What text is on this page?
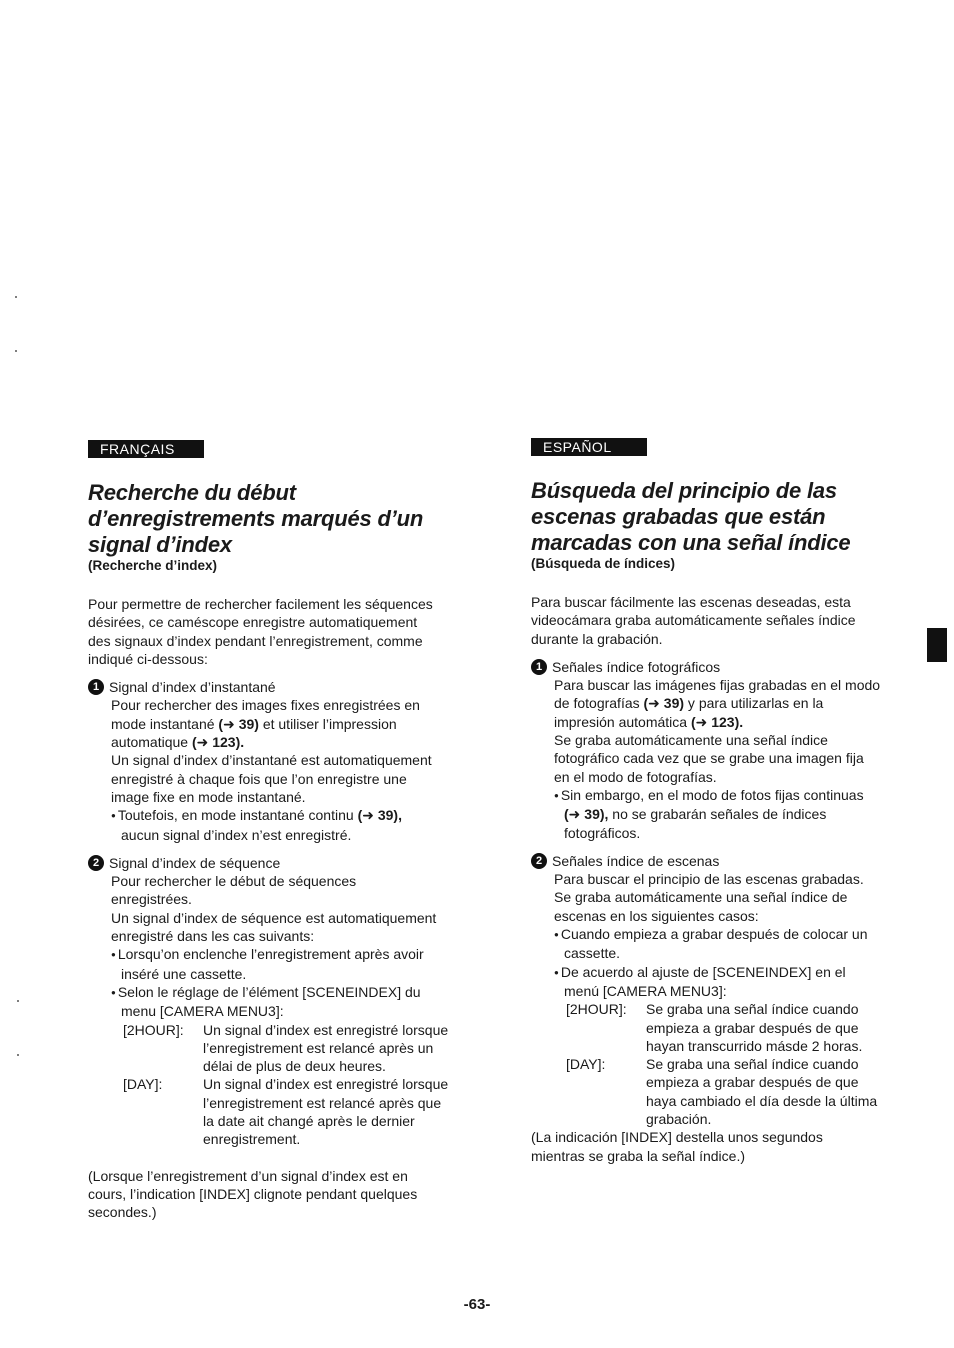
FRANÇAIS
Recherche du début
d’enregistrements marqués d’un
signal d’index

(Recherche d’index)

Pour permettre de rechercher facilement les séquences
désirées, ce caméscope enregistre automatiquement
des signaux d’index pendant l’enregistrement, comme
indiqué ci-dessous:
1 Signal d’index d’instantané
Pour rechercher des images fixes enregistrées en
mode instantané (➜ 39) et utiliser l’impression
automatique (➜ 123).
Un signal d’index d’instantané est automatiquement
enregistré à chaque fois que l’on enregistre une
image fixe en mode instantané.
● Toutefois, en mode instantané continu (➜ 39),
aucun signal d’index n’est enregistré.
2 Signal d’index de séquence
Pour rechercher le début de séquences
enregistrées.
Un signal d’index de séquence est automatiquement
enregistré dans les cas suivants:
● Lorsqu’on enclenche l’enregistrement après avoir
inséré une cassette.
● Selon le réglage de l’élément [SCENEINDEX] du
menu [CAMERA MENU3]:
[2HOUR]:	Un signal d’index est enregistré lorsque
l’enregistrement est relancé après un
délai de plus de deux heures.
[DAY]:	Un signal d’index est enregistré lorsque
l’enregistrement est relancé après que
la date ait changé après le dernier
enregistrement.
(Lorsque l’enregistrement d’un signal d’index est en
cours, l’indication [INDEX] clignote pendant quelques
secondes.)
ESPAÑOL
Búsqueda del principio de las
escenas grabadas que están
marcadas con una señal índice

(Búsqueda de índices)

Para buscar fácilmente las escenas deseadas, esta
videocámara graba automáticamente señales índice
durante la grabación.
1 Señales índice fotográficos
Para buscar las imágenes fijas grabadas en el modo
de fotografías (➜ 39) y para utilizarlas en la
impresión automática (➜ 123).
Se graba automáticamente una señal índice
fotográfico cada vez que se grabe una imagen fija
en el modo de fotografías.
● Sin embargo, en el modo de fotos fijas continuas
(➜ 39), no se grabarán señales de índices
fotográficos.
2 Señales índice de escenas
Para buscar el principio de las escenas grabadas.
Se graba automáticamente una señal índice de
escenas en los siguientes casos:
● Cuando empieza a grabar después de colocar un
cassette.
● De acuerdo al ajuste de [SCENEINDEX] en el
menú [CAMERA MENU3]:
[2HOUR]:	Se graba una señal índice cuando
empieza a grabar después de que
hayan transcurrido másde 2 horas.
[DAY]:	Se graba una señal índice cuando
empieza a grabar después de que
haya cambiado el día desde la última
grabación.
(La indicación [INDEX] destella unos segundos
mientras se graba la señal índice.)
-63-
